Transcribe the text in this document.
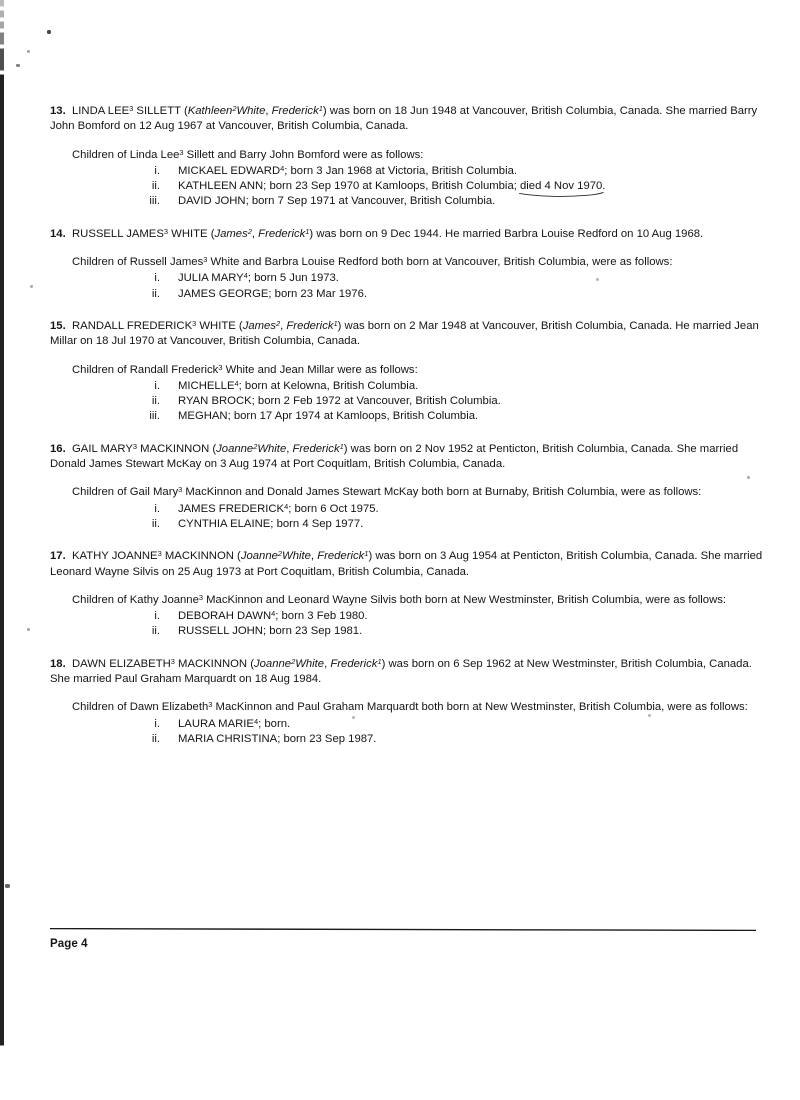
13. LINDA LEE$^3$ SILLETT (Kathleen$^2$White, Frederick$^1$) was born on 18 Jun 1948 at Vancouver, British Columbia, Canada. She married Barry John Bomford on 12 Aug 1967 at Vancouver, British Columbia, Canada.

Children of Linda Lee$^3$ Sillett and Barry John Bomford were as follows:

i. MICKAEL EDWARD$^4$; born 3 Jan 1968 at Victoria, British Columbia.
ii. KATHLEEN ANN; born 23 Sep 1970 at Kamloops, British Columbia; died 4 Nov 1970
.
iii. DAVID JOHN; born 7 Sep 1971 at Vancouver, British Columbia.

14. RUSSELL JAMES$^3$ WHITE (James$^2$, Frederick$^1$) was born on 9 Dec 1944. He married Barbra Louise Redford on 10 Aug 1968.

Children of Russell James$^3$ White and Barbra Louise Redford both born at Vancouver, British Columbia, were as follows:

i. JULIA MARY$^4$; born 5 Jun 1973.
ii. JAMES GEORGE; born 23 Mar 1976.

15. RANDALL FREDERICK$^3$ WHITE (James$^2$, Frederick$^1$) was born on 2 Mar 1948 at Vancouver, British Columbia, Canada. He married Jean Millar on 18 Jul 1970 at Vancouver, British Columbia, Canada.

Children of Randall Frederick$^3$ White and Jean Millar were as follows:

i. MICHELLE$^4$; born at Kelowna, British Columbia.
ii. RYAN BROCK; born 2 Feb 1972 at Vancouver, British Columbia.
iii. MEGHAN; born 17 Apr 1974 at Kamloops, British Columbia.

16. GAIL MARY$^3$ MACKINNON (Joanne$^2$White, Frederick$^1$) was born on 2 Nov 1952 at Penticton, British Columbia, Canada. She married Donald James Stewart McKay on 3 Aug 1974 at Port Coquitlam, British Columbia, Canada.

Children of Gail Mary$^3$ MacKinnon and Donald James Stewart McKay both born at Burnaby, British Columbia, were as follows:

i. JAMES FREDERICK$^4$; born 6 Oct 1975.
ii. CYNTHIA ELAINE; born 4 Sep 1977.

17. KATHY JOANNE$^3$ MACKINNON (Joanne$^2$White, Frederick$^1$) was born on 3 Aug 1954 at Penticton, British Columbia, Canada. She married Leonard Wayne Silvis on 25 Aug 1973 at Port Coquitlam, British Columbia, Canada.

Children of Kathy Joanne$^3$ MacKinnon and Leonard Wayne Silvis both born at New Westminster, British Columbia, were as follows:

i. DEBORAH DAWN$^4$; born 3 Feb 1980.
ii. RUSSELL JOHN; born 23 Sep 1981.

18. DAWN ELIZABETH$^3$ MACKINNON (Joanne$^2$White, Frederick$^1$) was born on 6 Sep 1962 at New Westminster, British Columbia, Canada. She married Paul Graham Marquardt on 18 Aug 1984.

Children of Dawn Elizabeth$^3$ MacKinnon and Paul Graham Marquardt both born at New Westminster, British Columbia, were as follows:

i. LAURA MARIE$^4$; born.
ii. MARIA CHRISTINA; born 23 Sep 1987.
Page 4
